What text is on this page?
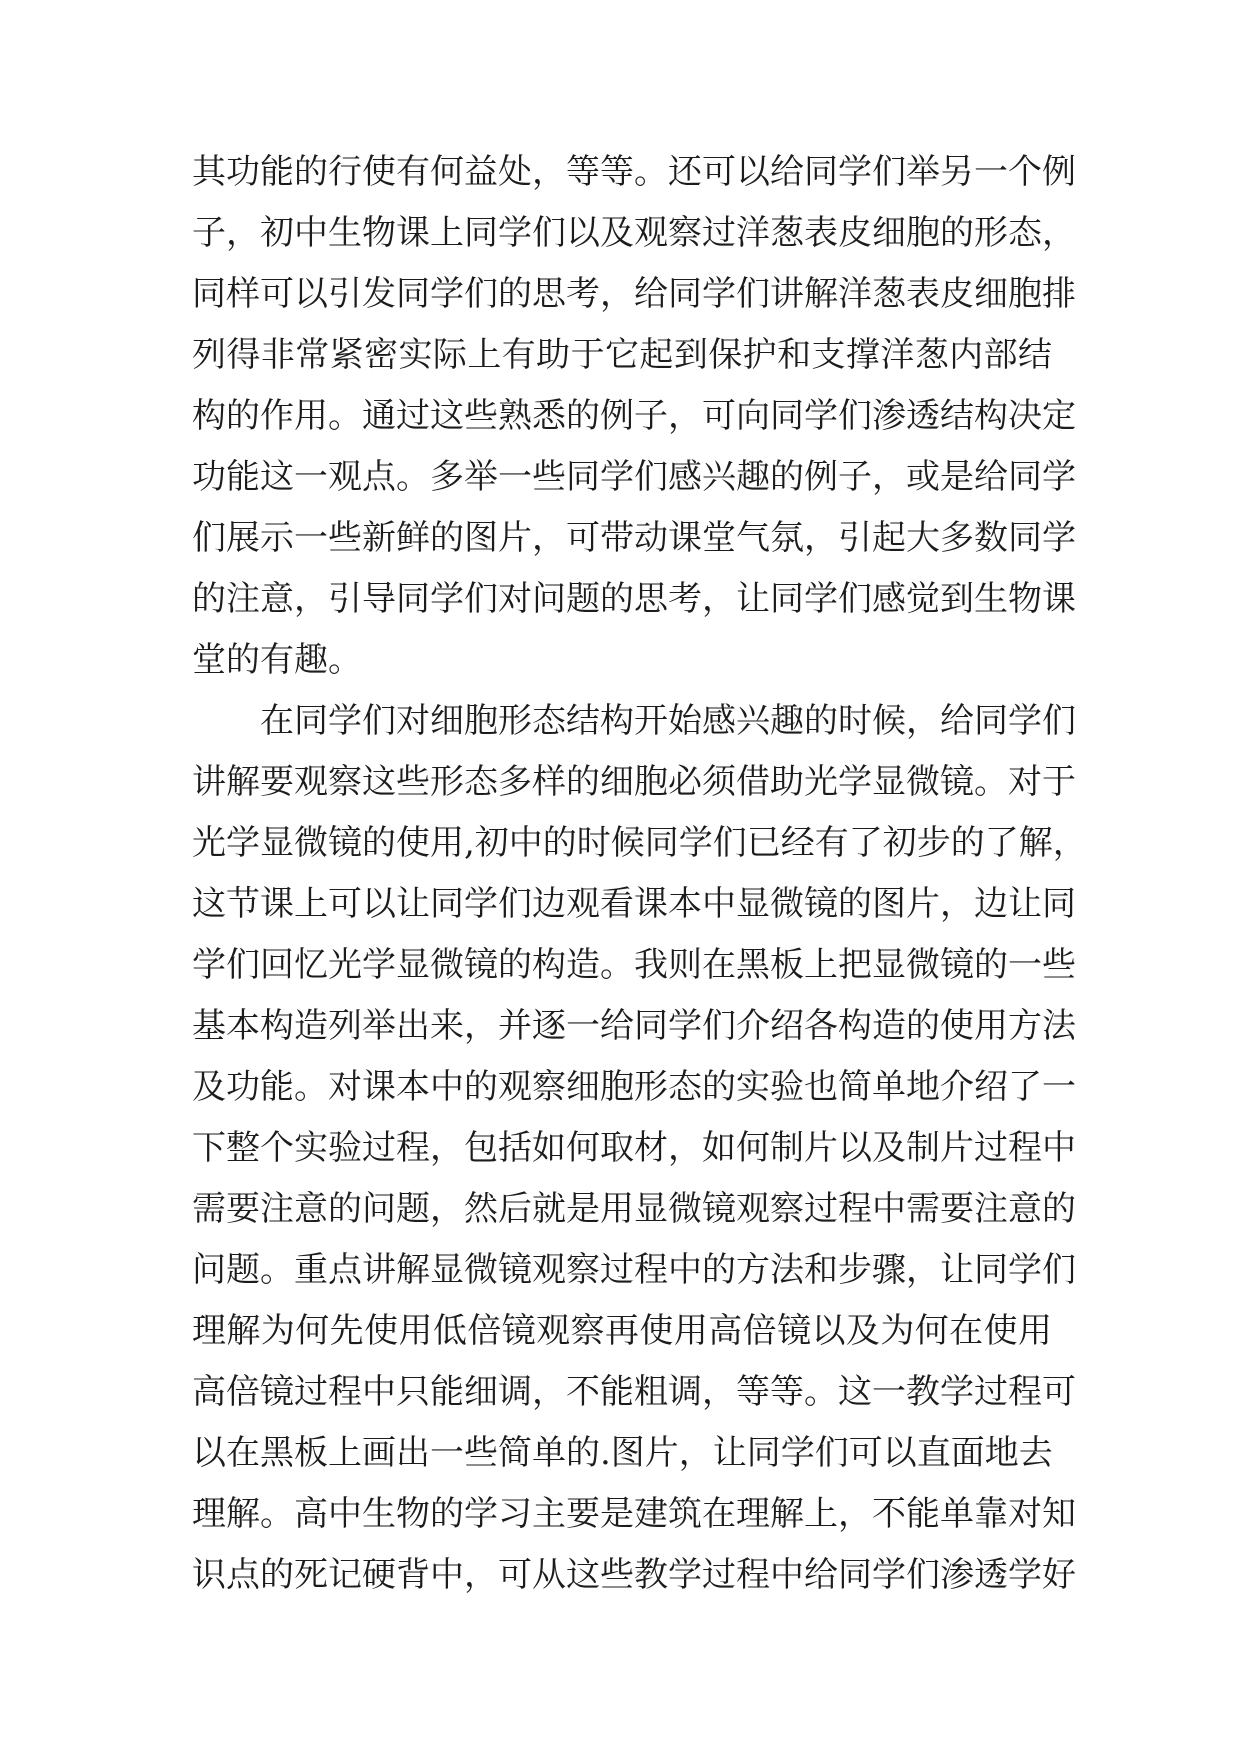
其功能的行使有何益处，等等。还可以给同学们举另一个例

子，初中生物课上同学们以及观察过洋葱表皮细胞的形态，

同样可以引发同学们的思考，给同学们讲解洋葱表皮细胞排

列得非常紧密实际上有助于它起到保护和支撑洋葱内部结

构的作用。通过这些熟悉的例子，可向同学们渗透结构决定

功能这一观点。多举一些同学们感兴趣的例子，或是给同学

们展示一些新鲜的图片，可带动课堂气氛，引起大多数同学

的注意，引导同学们对问题的思考，让同学们感觉到生物课

堂的有趣。

在同学们对细胞形态结构开始感兴趣的时候，给同学们

讲解要观察这些形态多样的细胞必须借助光学显微镜。对于

光学显微镜的使用,初中的时候同学们已经有了初步的了解，

这节课上可以让同学们边观看课本中显微镜的图片，边让同

学们回忆光学显微镜的构造。我则在黑板上把显微镜的一些

基本构造列举出来，并逐一给同学们介绍各构造的使用方法

及功能。对课本中的观察细胞形态的实验也简单地介绍了一

下整个实验过程，包括如何取材，如何制片以及制片过程中

需要注意的问题，然后就是用显微镜观察过程中需要注意的

问题。重点讲解显微镜观察过程中的方法和步骤，让同学们

理解为何先使用低倍镜观察再使用高倍镜以及为何在使用

高倍镜过程中只能细调，不能粗调，等等。这一教学过程可

以在黑板上画出一些简单的.图片，让同学们可以直面地去

理解。高中生物的学习主要是建筑在理解上，不能单靠对知

识点的死记硬背中，可从这些教学过程中给同学们渗透学好
